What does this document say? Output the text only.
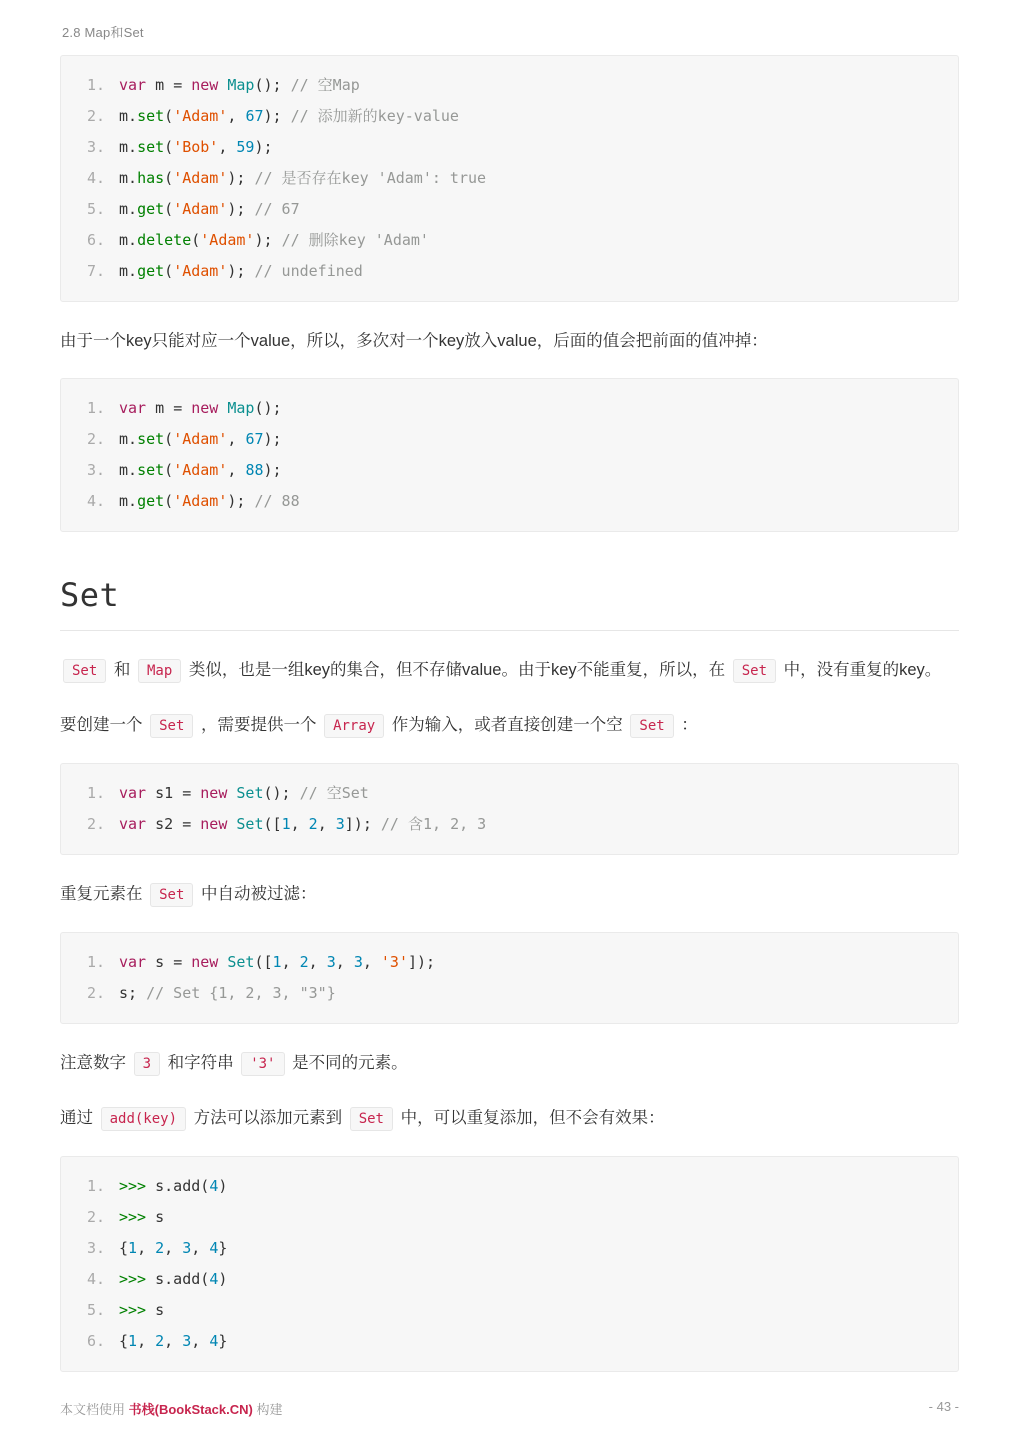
2.8 Map和Set
1. var m = new Map(); // 空Map
2. m.set('Adam', 67); // 添加新的key-value
3. m.set('Bob', 59);
4. m.has('Adam'); // 是否存在key 'Adam': true
5. m.get('Adam'); // 67
6. m.delete('Adam'); // 删除key 'Adam'
7. m.get('Adam'); // undefined

由于一个key只能对应一个value，所以，多次对一个key放入value，后面的值会把前面的值冲掉：

1. var m = new Map();
2. m.set('Adam', 67);
3. m.set('Adam', 88);
4. m.get('Adam'); // 88
Set

Set 和 Map 类似，也是一组key的集合，但不存储value。由于key不能重复，所以，在 Set 中，没有重复的key。

要创建一个 Set ，需要提供一个 Array 作为输入，或者直接创建一个空 Set ：

1. var s1 = new Set(); // 空Set
2. var s2 = new Set([1, 2, 3]); // 含1, 2, 3

重复元素在 Set 中自动被过滤：

1. var s = new Set([1, 2, 3, 3, '3']);
2. s; // Set {1, 2, 3, "3"}

注意数字 3 和字符串 '3' 是不同的元素。

通过 add(key) 方法可以添加元素到 Set 中，可以重复添加，但不会有效果：

1. >>> s.add(4)
2. >>> s
3. {1, 2, 3, 4}
4. >>> s.add(4)
5. >>> s
6. {1, 2, 3, 4}
本文档使用 书栈(BookStack.CN) 构建	- 43 -
